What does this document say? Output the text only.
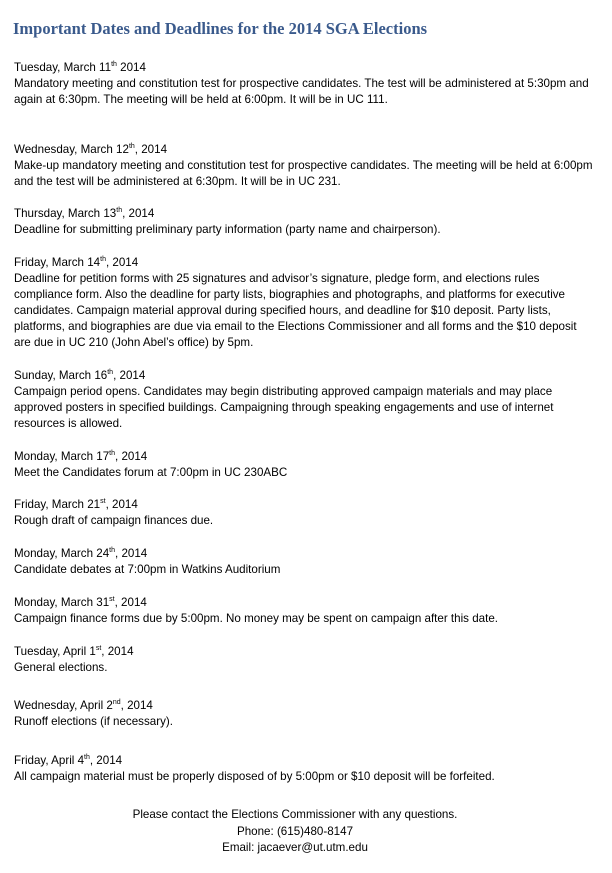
Important Dates and Deadlines for the 2014 SGA Elections
Tuesday, March 11th 2014
Mandatory meeting and constitution test for prospective candidates. The test will be administered at 5:30pm and again at 6:30pm. The meeting will be held at 6:00pm. It will be in UC 111.
Wednesday, March 12th, 2014
Make-up mandatory meeting and constitution test for prospective candidates. The meeting will be held at 6:00pm and the test will be administered at 6:30pm. It will be in UC 231.
Thursday, March 13th, 2014
Deadline for submitting preliminary party information (party name and chairperson).
Friday, March 14th, 2014
Deadline for petition forms with 25 signatures and advisor’s signature, pledge form, and elections rules compliance form. Also the deadline for party lists, biographies and photographs, and platforms for executive candidates. Campaign material approval during specified hours, and deadline for $10 deposit. Party lists, platforms, and biographies are due via email to the Elections Commissioner and all forms and the $10 deposit are due in UC 210 (John Abel’s office) by 5pm.
Sunday, March 16th, 2014
Campaign period opens. Candidates may begin distributing approved campaign materials and may place approved posters in specified buildings. Campaigning through speaking engagements and use of internet resources is allowed.
Monday, March 17th, 2014
Meet the Candidates forum at 7:00pm in UC 230ABC
Friday, March 21st, 2014
Rough draft of campaign finances due.
Monday, March 24th, 2014
Candidate debates at 7:00pm in Watkins Auditorium
Monday, March 31st, 2014
Campaign finance forms due by 5:00pm. No money may be spent on campaign after this date.
Tuesday, April 1st, 2014
General elections.
Wednesday, April 2nd, 2014
Runoff elections (if necessary).
Friday, April 4th, 2014
All campaign material must be properly disposed of by 5:00pm or $10 deposit will be forfeited.
Please contact the Elections Commissioner with any questions.
Phone: (615)480-8147
Email: jacaever@ut.utm.edu
